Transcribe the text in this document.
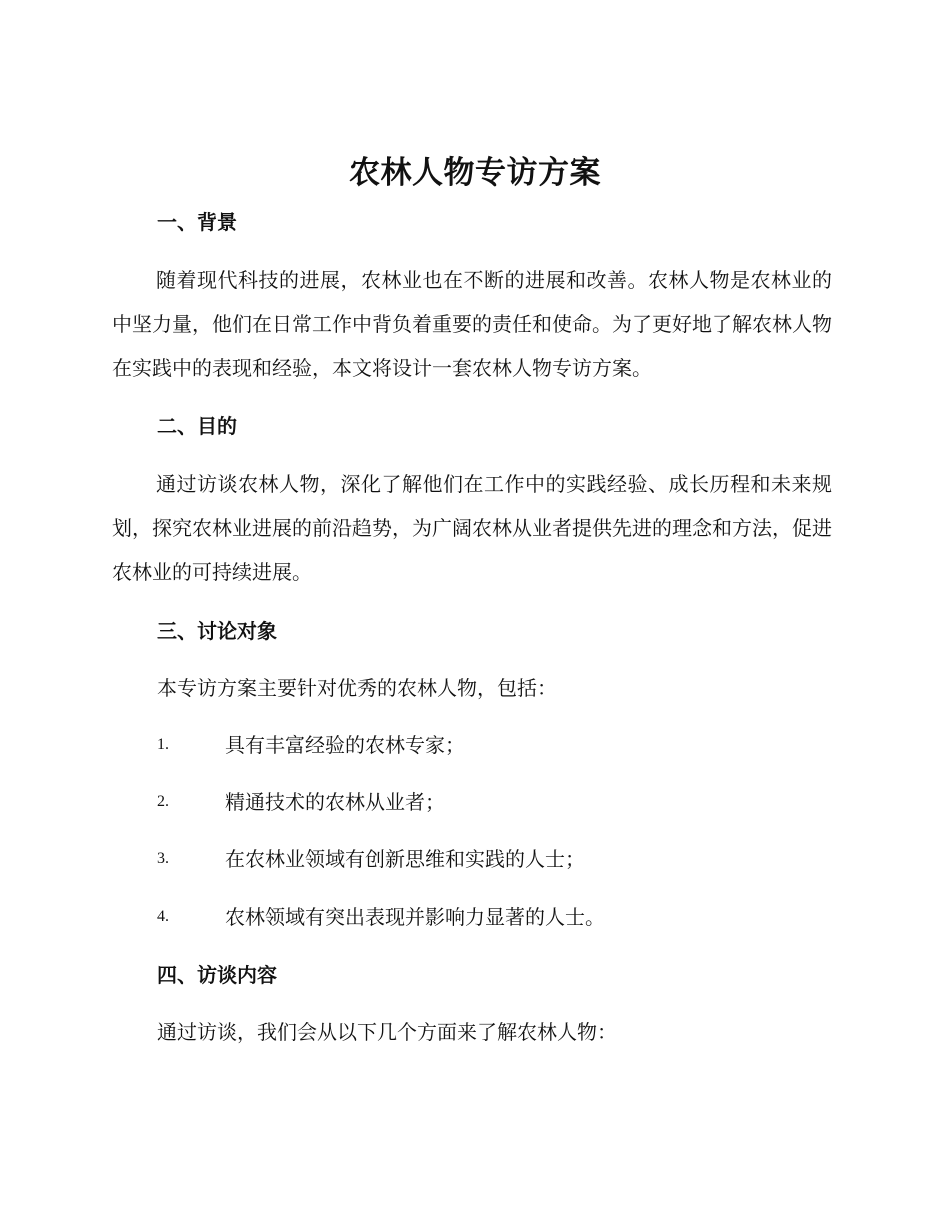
农林人物专访方案
一、背景
随着现代科技的进展，农林业也在不断的进展和改善。农林人物是农林业的中坚力量，他们在日常工作中背负着重要的责任和使命。为了更好地了解农林人物在实践中的表现和经验，本文将设计一套农林人物专访方案。
二、目的
通过访谈农林人物，深化了解他们在工作中的实践经验、成长历程和未来规划，探究农林业进展的前沿趋势，为广阔农林从业者提供先进的理念和方法，促进农林业的可持续进展。
三、讨论对象
本专访方案主要针对优秀的农林人物，包括：
1.	具有丰富经验的农林专家；
2.	精通技术的农林从业者；
3.	在农林业领域有创新思维和实践的人士；
4.	农林领域有突出表现并影响力显著的人士。
四、访谈内容
通过访谈，我们会从以下几个方面来了解农林人物：
